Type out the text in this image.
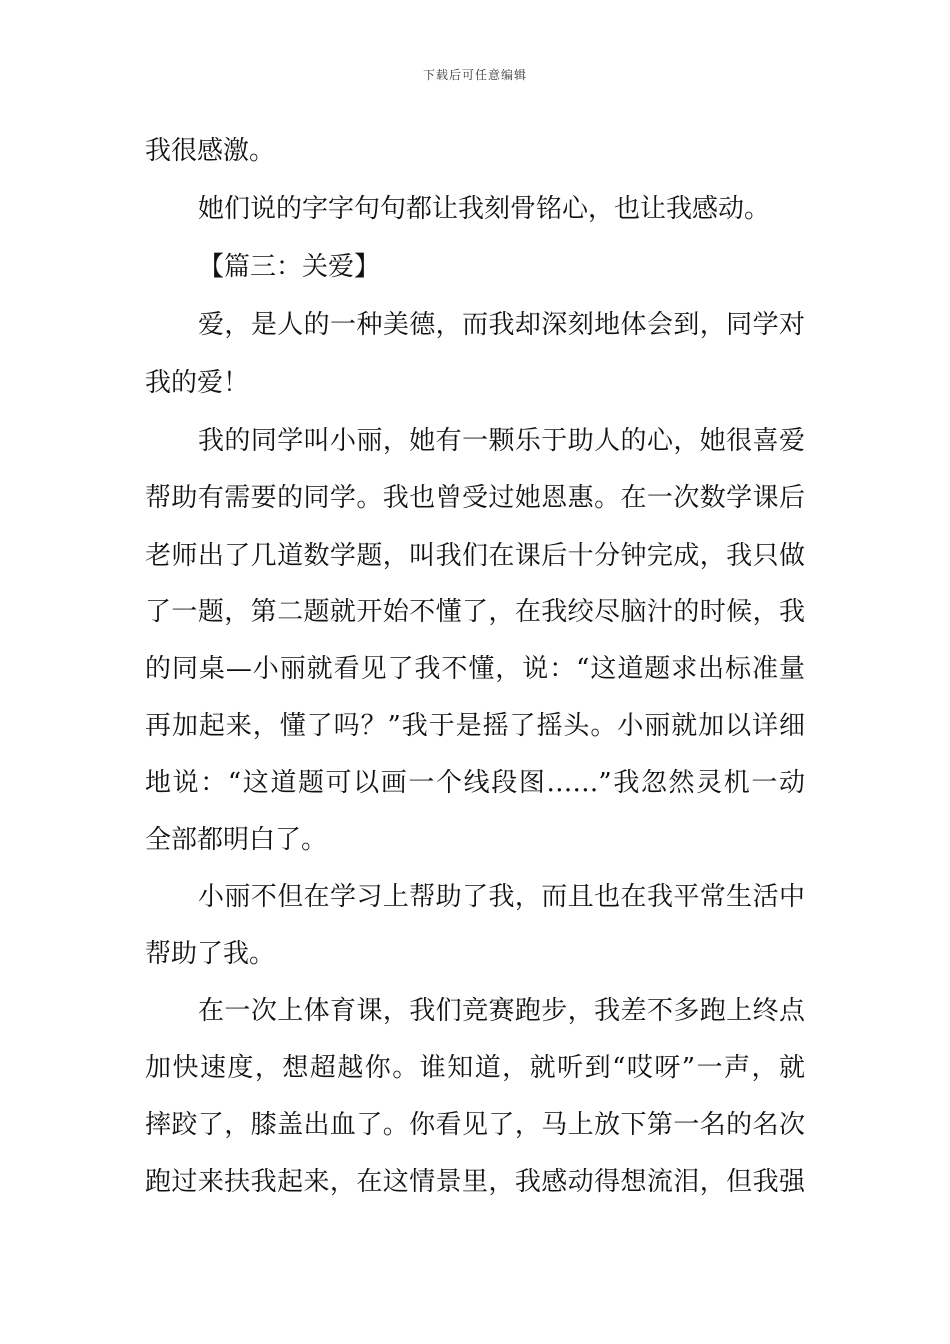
下载后可任意编辑
我很感激。
她们说的字字句句都让我刻骨铭心，也让我感动。
【篇三：关爱】
爱，是人的一种美德，而我却深刻地体会到，同学对
我的爱！
我的同学叫小丽，她有一颗乐于助人的心，她很喜爱
帮助有需要的同学。我也曾受过她恩惠。在一次数学课后
老师出了几道数学题，叫我们在课后十分钟完成，我只做
了一题，第二题就开始不懂了，在我绞尽脑汁的时候，我
的同桌—小丽就看见了我不懂，说：“这道题求出标准量
再加起来，懂了吗？”我于是摇了摇头。小丽就加以详细
地说：“这道题可以画一个线段图……”我忽然灵机一动
全部都明白了。
小丽不但在学习上帮助了我，而且也在我平常生活中
帮助了我。
在一次上体育课，我们竞赛跑步，我差不多跑上终点
加快速度，想超越你。谁知道，就听到“哎呀”一声，就
摔跤了，膝盖出血了。你看见了，马上放下第一名的名次
跑过来扶我起来，在这情景里，我感动得想流泪，但我强
